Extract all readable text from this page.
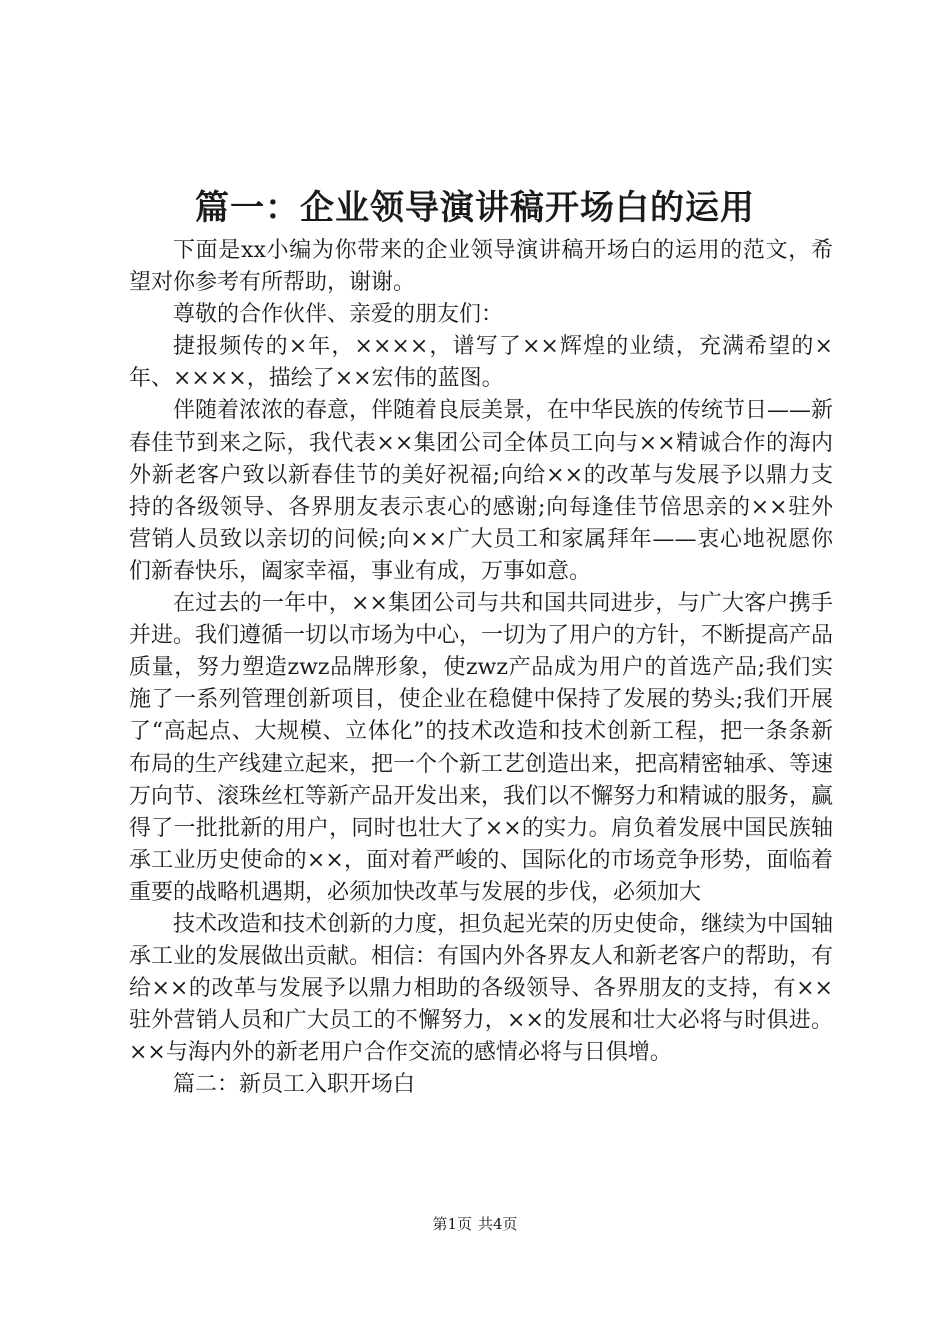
篇一：企业领导演讲稿开场白的运用

下面是xx小编为你带来的企业领导演讲稿开场白的运用的范文，希望对你参考有所帮助，谢谢。

尊敬的合作伙伴、亲爱的朋友们：

捷报频传的×年，××××，谱写了××辉煌的业绩，充满希望的×年、××××，描绘了××宏伟的蓝图。

伴随着浓浓的春意，伴随着良辰美景，在中华民族的传统节日——新春佳节到来之际，我代表××集团公司全体员工向与××精诚合作的海内外新老客户致以新春佳节的美好祝福;向给××的改革与发展予以鼎力支持的各级领导、各界朋友表示衷心的感谢;向每逢佳节倍思亲的××驻外营销人员致以亲切的问候;向××广大员工和家属拜年——衷心地祝愿你们新春快乐，阖家幸福，事业有成，万事如意。

在过去的一年中，××集团公司与共和国共同进步，与广大客户携手并进。我们遵循一切以市场为中心，一切为了用户的方针，不断提高产品质量，努力塑造zwz品牌形象，使zwz产品成为用户的首选产品;我们实施了一系列管理创新项目，使企业在稳健中保持了发展的势头;我们开展了“高起点、大规模、立体化”的技术改造和技术创新工程，把一条条新布局的生产线建立起来，把一个个新工艺创造出来，把高精密轴承、等速万向节、滚珠丝杠等新产品开发出来，我们以不懈努力和精诚的服务，赢得了一批批新的用户，同时也壮大了××的实力。肩负着发展中国民族轴承工业历史使命的××，面对着严峻的、国际化的市场竞争形势，面临着重要的战略机遇期，必须加快改革与发展的步伐，必须加大

技术改造和技术创新的力度，担负起光荣的历史使命，继续为中国轴承工业的发展做出贡献。相信：有国内外各界友人和新老客户的帮助，有给××的改革与发展予以鼎力相助的各级领导、各界朋友的支持，有××驻外营销人员和广大员工的不懈努力，××的发展和壮大必将与时俱进。××与海内外的新老用户合作交流的感情必将与日俱增。

篇二：新员工入职开场白

第1页 共4页
